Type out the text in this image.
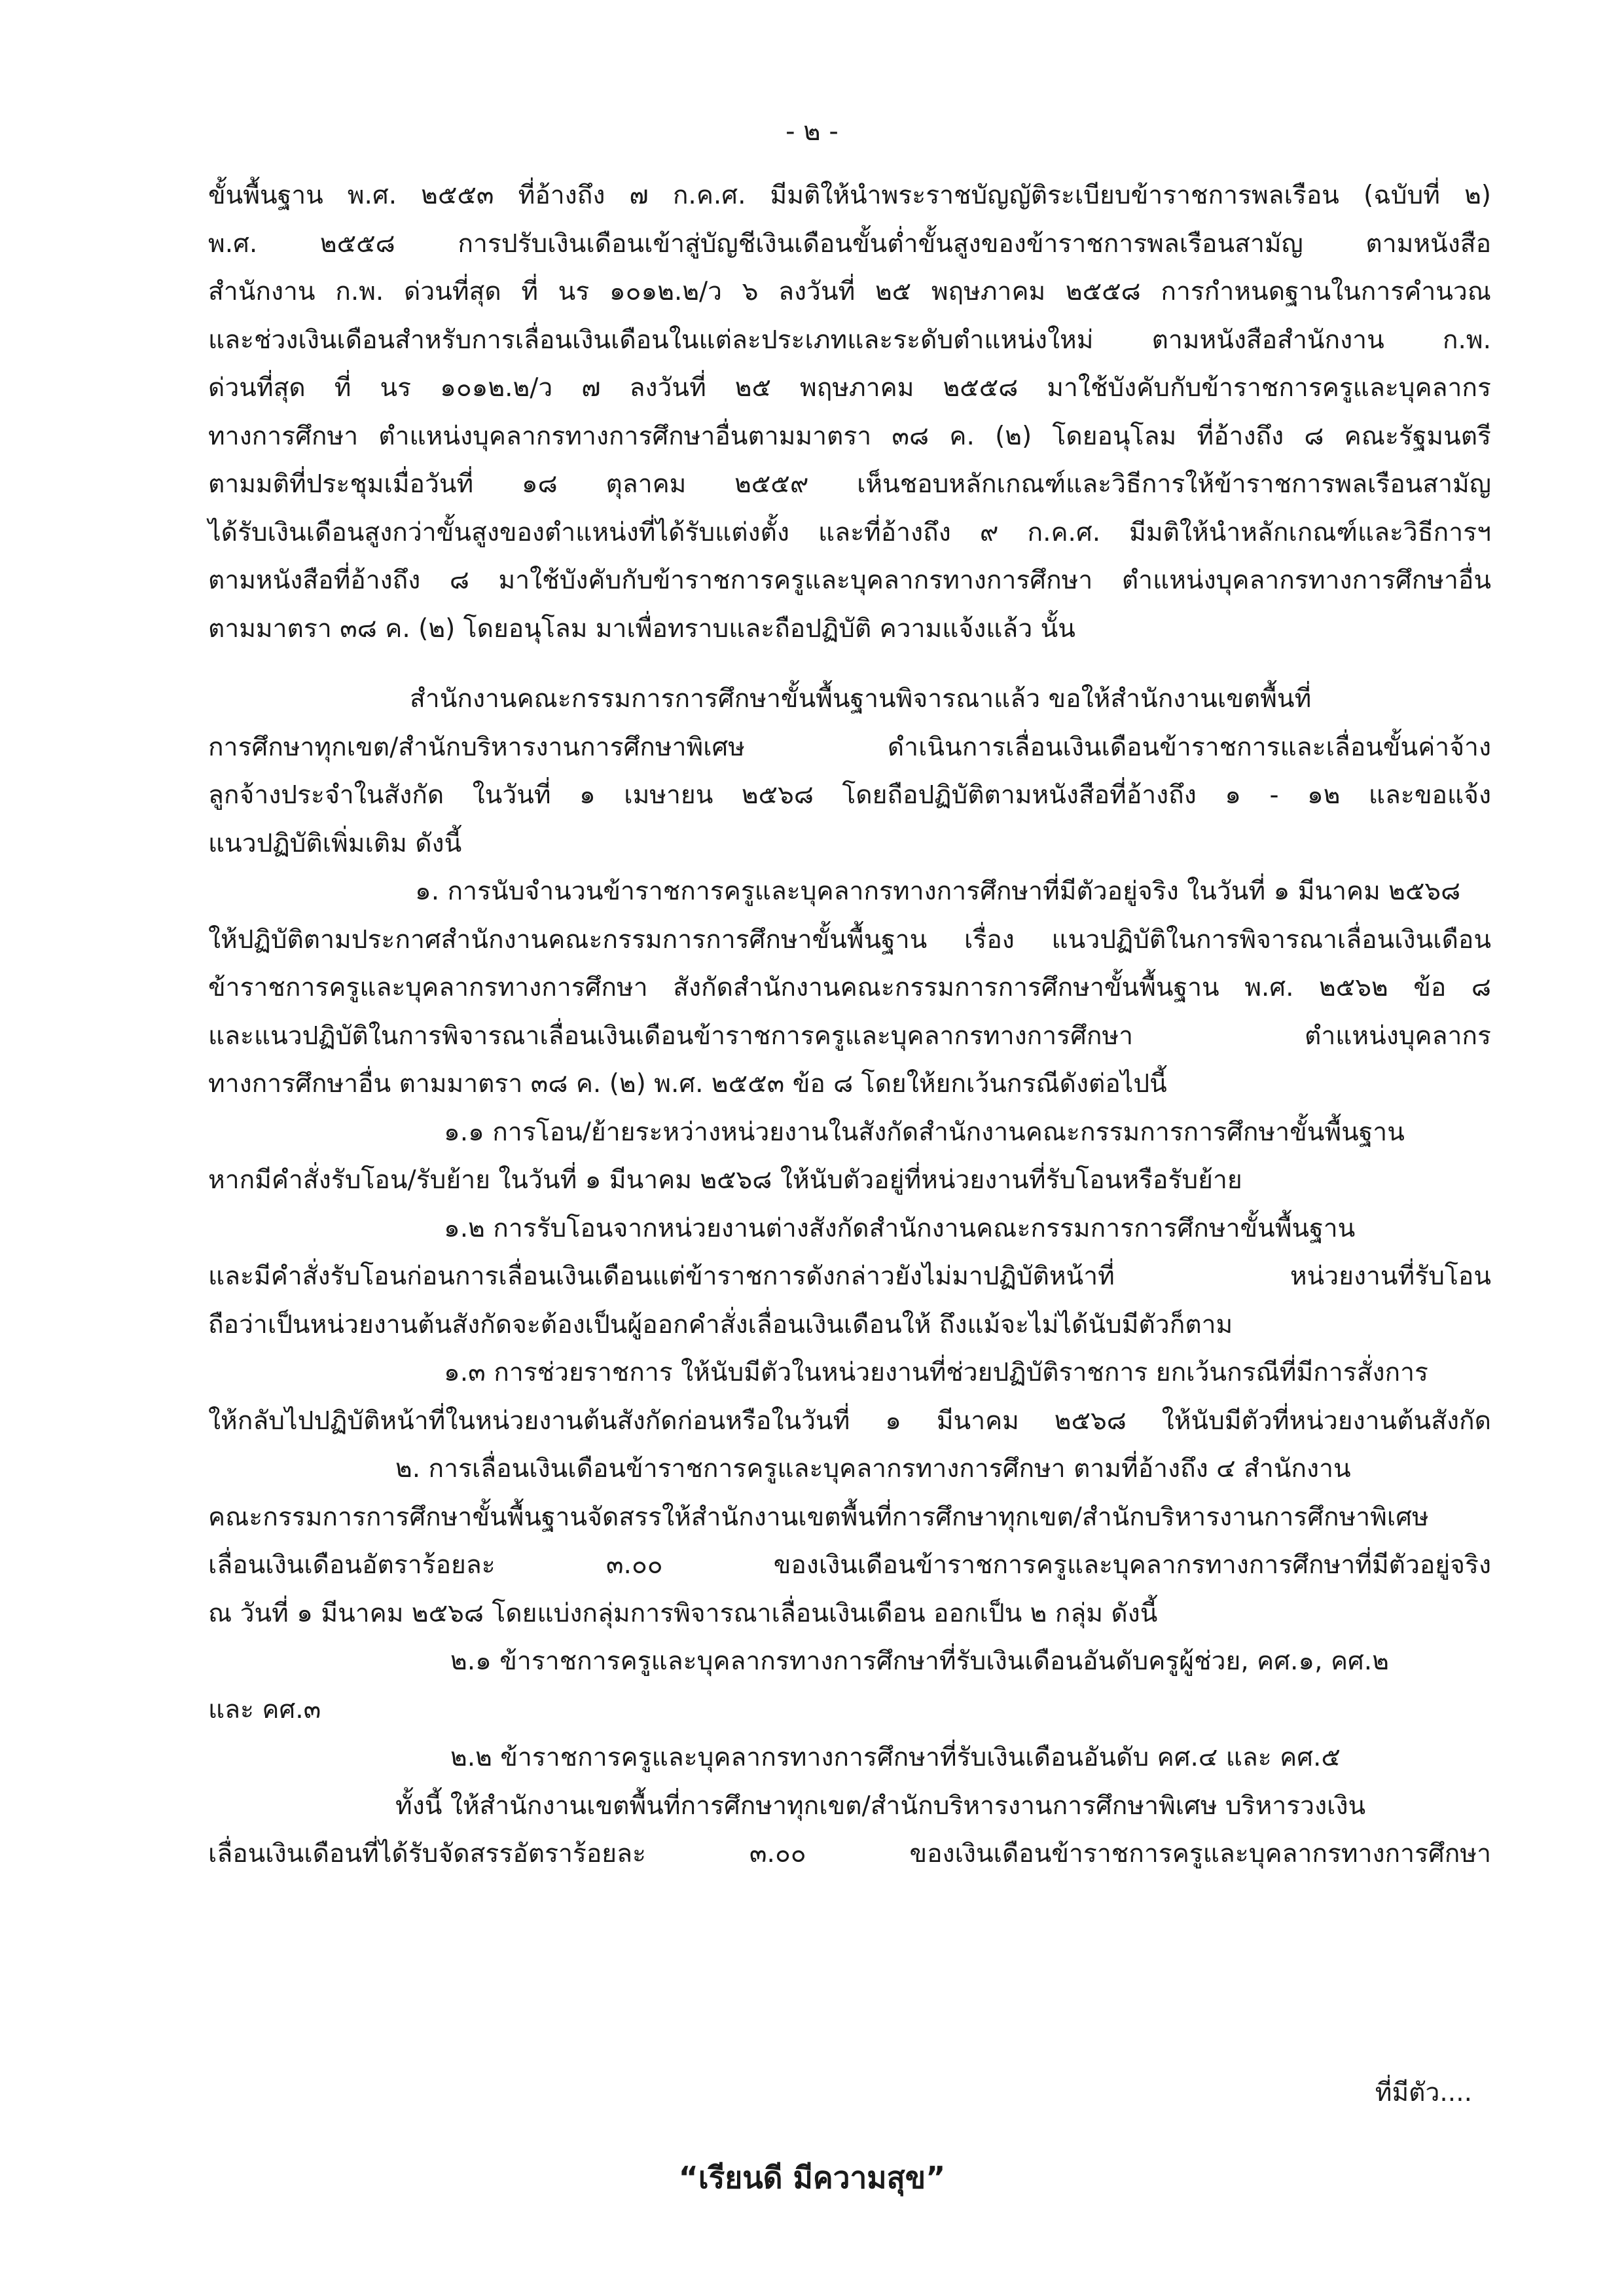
- ๒ -
ขั้นพื้นฐาน พ.ศ. ๒๕๕๓ ที่อ้างถึง ๗ ก.ค.ศ. มีมติให้นำพระราชบัญญัติระเบียบข้าราชการพลเรือน (ฉบับที่ ๒)
พ.ศ. ๒๕๕๘ การปรับเงินเดือนเข้าสู่บัญชีเงินเดือนขั้นต่ำขั้นสูงของข้าราชการพลเรือนสามัญ ตามหนังสือ
สำนักงาน ก.พ. ด่วนที่สุด ที่ นร ๑๐๑๒.๒/ว ๖ ลงวันที่ ๒๕ พฤษภาคม ๒๕๕๘ การกำหนดฐานในการคำนวณ
และช่วงเงินเดือนสำหรับการเลื่อนเงินเดือนในแต่ละประเภทและระดับตำแหน่งใหม่ ตามหนังสือสำนักงาน ก.พ.
ด่วนที่สุด ที่ นร ๑๐๑๒.๒/ว ๗ ลงวันที่ ๒๕ พฤษภาคม ๒๕๕๘ มาใช้บังคับกับข้าราชการครูและบุคลากร
ทางการศึกษา ตำแหน่งบุคลากรทางการศึกษาอื่นตามมาตรา ๓๘ ค. (๒) โดยอนุโลม ที่อ้างถึง ๘ คณะรัฐมนตรี
ตามมติที่ประชุมเมื่อวันที่ ๑๘ ตุลาคม ๒๕๕๙ เห็นชอบหลักเกณฑ์และวิธีการให้ข้าราชการพลเรือนสามัญ
ได้รับเงินเดือนสูงกว่าขั้นสูงของตำแหน่งที่ได้รับแต่งตั้ง และที่อ้างถึง ๙ ก.ค.ศ. มีมติให้นำหลักเกณฑ์และวิธีการฯ
ตามหนังสือที่อ้างถึง ๘ มาใช้บังคับกับข้าราชการครูและบุคลากรทางการศึกษา ตำแหน่งบุคลากรทางการศึกษาอื่น
ตามมาตรา ๓๘ ค. (๒) โดยอนุโลม มาเพื่อทราบและถือปฏิบัติ ความแจ้งแล้ว นั้น
สำนักงานคณะกรรมการการศึกษาขั้นพื้นฐานพิจารณาแล้ว ขอให้สำนักงานเขตพื้นที่
การศึกษาทุกเขต/สำนักบริหารงานการศึกษาพิเศษ ดำเนินการเลื่อนเงินเดือนข้าราชการและเลื่อนขั้นค่าจ้าง
ลูกจ้างประจำในสังกัด ในวันที่ ๑ เมษายน ๒๕๖๘ โดยถือปฏิบัติตามหนังสือที่อ้างถึง ๑ - ๑๒ และขอแจ้ง
แนวปฏิบัติเพิ่มเติม ดังนี้
๑. การนับจำนวนข้าราชการครูและบุคลากรทางการศึกษาที่มีตัวอยู่จริง ในวันที่ ๑ มีนาคม ๒๕๖๘
ให้ปฏิบัติตามประกาศสำนักงานคณะกรรมการการศึกษาขั้นพื้นฐาน เรื่อง แนวปฏิบัติในการพิจารณาเลื่อนเงินเดือน
ข้าราชการครูและบุคลากรทางการศึกษา สังกัดสำนักงานคณะกรรมการการศึกษาขั้นพื้นฐาน พ.ศ. ๒๕๖๒ ข้อ ๘
และแนวปฏิบัติในการพิจารณาเลื่อนเงินเดือนข้าราชการครูและบุคลากรทางการศึกษา ตำแหน่งบุคลากร
ทางการศึกษาอื่น ตามมาตรา ๓๘ ค. (๒) พ.ศ. ๒๕๕๓ ข้อ ๘ โดยให้ยกเว้นกรณีดังต่อไปนี้
๑.๑ การโอน/ย้ายระหว่างหน่วยงานในสังกัดสำนักงานคณะกรรมการการศึกษาขั้นพื้นฐาน
หากมีคำสั่งรับโอน/รับย้าย ในวันที่ ๑ มีนาคม ๒๕๖๘ ให้นับตัวอยู่ที่หน่วยงานที่รับโอนหรือรับย้าย
๑.๒ การรับโอนจากหน่วยงานต่างสังกัดสำนักงานคณะกรรมการการศึกษาขั้นพื้นฐาน
และมีคำสั่งรับโอนก่อนการเลื่อนเงินเดือนแต่ข้าราชการดังกล่าวยังไม่มาปฏิบัติหน้าที่ หน่วยงานที่รับโอน
ถือว่าเป็นหน่วยงานต้นสังกัดจะต้องเป็นผู้ออกคำสั่งเลื่อนเงินเดือนให้ ถึงแม้จะไม่ได้นับมีตัวก็ตาม
๑.๓ การช่วยราชการ ให้นับมีตัวในหน่วยงานที่ช่วยปฏิบัติราชการ ยกเว้นกรณีที่มีการสั่งการ
ให้กลับไปปฏิบัติหน้าที่ในหน่วยงานต้นสังกัดก่อนหรือในวันที่ ๑ มีนาคม ๒๕๖๘ ให้นับมีตัวที่หน่วยงานต้นสังกัด
๒. การเลื่อนเงินเดือนข้าราชการครูและบุคลากรทางการศึกษา ตามที่อ้างถึง ๔ สำนักงาน
คณะกรรมการการศึกษาขั้นพื้นฐานจัดสรรให้สำนักงานเขตพื้นที่การศึกษาทุกเขต/สำนักบริหารงานการศึกษาพิเศษ
เลื่อนเงินเดือนอัตราร้อยละ ๓.๐๐ ของเงินเดือนข้าราชการครูและบุคลากรทางการศึกษาที่มีตัวอยู่จริง
ณ วันที่ ๑ มีนาคม ๒๕๖๘ โดยแบ่งกลุ่มการพิจารณาเลื่อนเงินเดือน ออกเป็น ๒ กลุ่ม ดังนี้
๒.๑ ข้าราชการครูและบุคลากรทางการศึกษาที่รับเงินเดือนอันดับครูผู้ช่วย, คศ.๑, คศ.๒
และ คศ.๓
๒.๒ ข้าราชการครูและบุคลากรทางการศึกษาที่รับเงินเดือนอันดับ คศ.๔ และ คศ.๕
ทั้งนี้ ให้สำนักงานเขตพื้นที่การศึกษาทุกเขต/สำนักบริหารงานการศึกษาพิเศษ บริหารวงเงิน
เลื่อนเงินเดือนที่ได้รับจัดสรรอัตราร้อยละ ๓.๐๐ ของเงินเดือนข้าราชการครูและบุคลากรทางการศึกษา
ที่มีตัว....
“เรียนดี มีความสุข”
